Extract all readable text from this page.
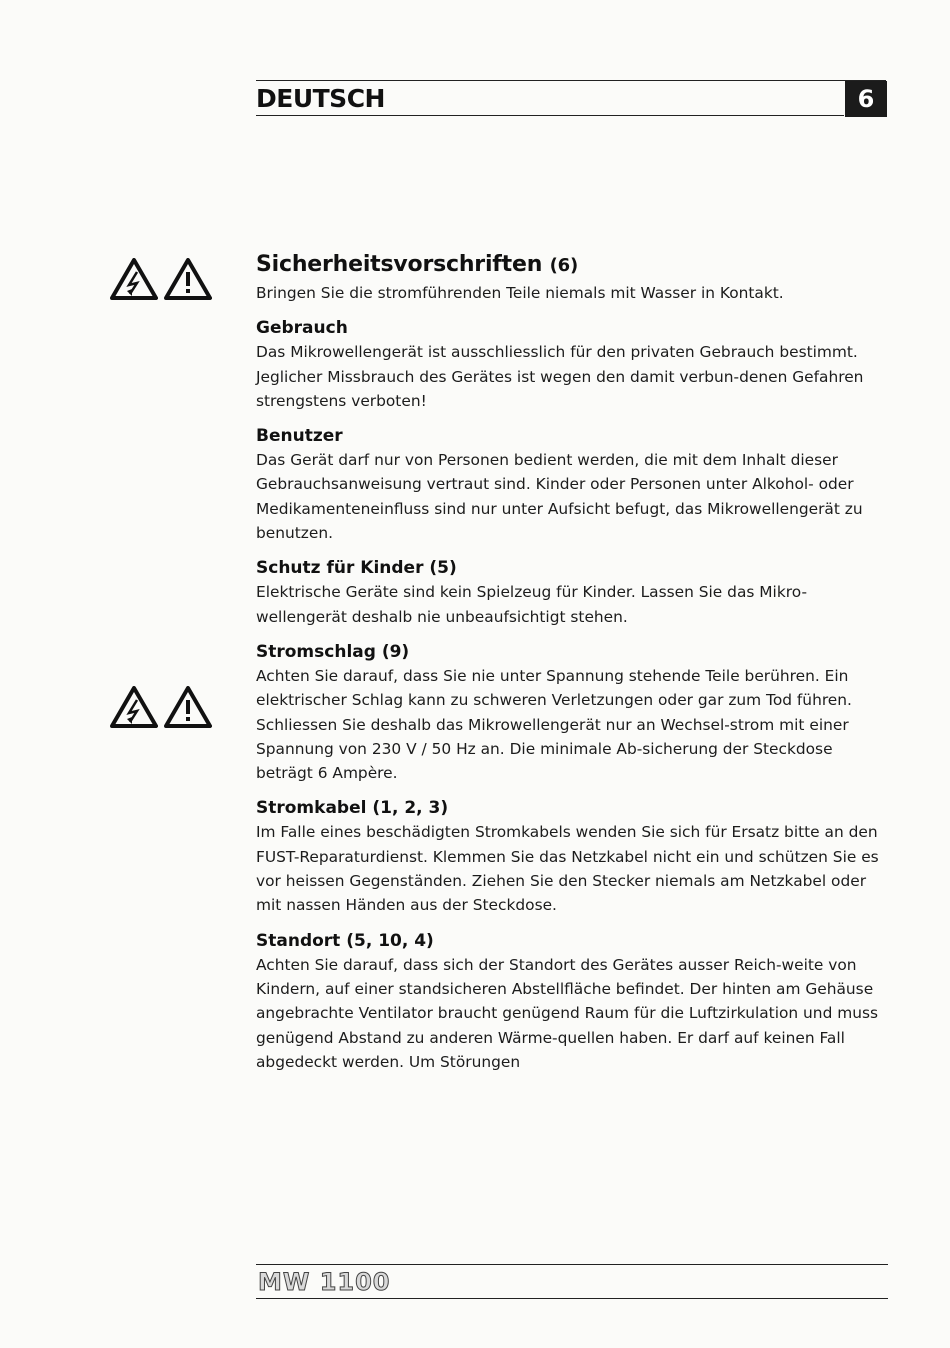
DEUTSCH	6
Sicherheitsvorschriften (6)

Bringen Sie die stromführenden Teile niemals mit Wasser in Kontakt.

Gebrauch

Das Mikrowellengerät ist ausschliesslich für den privaten Gebrauch bestimmt. Jeglicher Missbrauch des Gerätes ist wegen den damit verbun-denen Gefahren strengstens verboten!

Benutzer

Das Gerät darf nur von Personen bedient werden, die mit dem Inhalt dieser Gebrauchsanweisung vertraut sind. Kinder oder Personen unter Alkohol- oder Medikamenteneinfluss sind nur unter Aufsicht befugt, das Mikrowellengerät zu benutzen.

Schutz für Kinder (5)

Elektrische Geräte sind kein Spielzeug für Kinder. Lassen Sie das Mikro-wellengerät deshalb nie unbeaufsichtigt stehen.

Stromschlag (9)

Achten Sie darauf, dass Sie nie unter Spannung stehende Teile berühren. Ein elektrischer Schlag kann zu schweren Verletzungen oder gar zum Tod führen. Schliessen Sie deshalb das Mikrowellengerät nur an Wechsel-strom mit einer Spannung von 230 V / 50 Hz an. Die minimale Ab-sicherung der Steckdose beträgt 6 Ampère.

Stromkabel (1, 2, 3)

Im Falle eines beschädigten Stromkabels wenden Sie sich für Ersatz bitte an den FUST-Reparaturdienst. Klemmen Sie das Netzkabel nicht ein und schützen Sie es vor heissen Gegenständen. Ziehen Sie den Stecker niemals am Netzkabel oder mit nassen Händen aus der Steckdose.

Standort (5, 10, 4)

Achten Sie darauf, dass sich der Standort des Gerätes ausser Reich-weite von Kindern, auf einer standsicheren Abstellfläche befindet. Der hinten am Gehäuse angebrachte Ventilator braucht genügend Raum für die Luftzirkulation und muss genügend Abstand zu anderen Wärme-quellen haben. Er darf auf keinen Fall abgedeckt werden. Um Störungen

MW 1100
